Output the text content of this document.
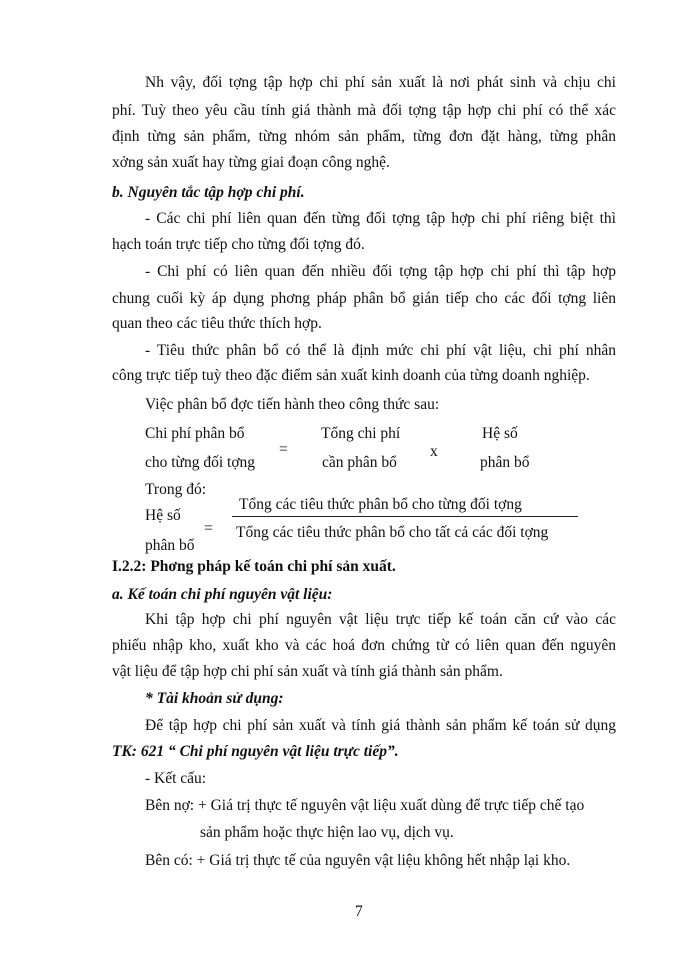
Nh vậy, đối tợng tập hợp chi phí sản xuất là nơi phát sinh và chịu chi
phí. Tuỳ theo yêu cầu tính giá thành mà đối tợng tập hợp chi phí có thể xác
định từng sản phẩm, từng nhóm sản phẩm, từng đơn đặt hàng, từng phân
xởng sản xuất hay từng giai đoạn công nghệ.
b. Nguyên tắc tập hợp chi phí.
- Các chi phí liên quan đến từng đối tợng tập hợp chi phí riêng biệt thì
hạch toán trực tiếp cho từng đối tợng đó.
- Chi phí có liên quan đến nhiều đối tợng tập hợp chi phí thì tập hợp
chung cuối kỳ áp dụng phơng pháp phân bổ gián tiếp cho các đối tợng liên
quan theo các tiêu thức thích hợp.
- Tiêu thức phân bổ có thể là định mức chi phí vật liệu, chi phí nhân
công trực tiếp tuỳ theo đặc điểm sản xuất kinh doanh của từng doanh nghiệp.
Việc phân bổ đợc tiến hành theo công thức sau:
Chi phí phân bổ
cho từng đối tợng
=
Tổng chi phí
cần phân bổ
x
Hệ số
phân bổ
Trong đó:
Hệ số
phân bổ
=
Tổng các tiêu thức phân bổ cho từng đối tợng
Tổng các tiêu thức phân bổ cho tất cả các đối tợng
I.2.2: Phơng pháp kế toán chi phí sản xuất.
a. Kế toán chi phí nguyên vật liệu:
Khi tập hợp chi phí nguyên vật liệu trực tiếp kế toán căn cứ vào các
phiếu nhập kho, xuất kho và các hoá đơn chứng từ có liên quan đến nguyên
vật liệu để tập hợp chi phí sản xuất và tính giá thành sản phẩm.
* Tài khoản sử dụng:
Để tập hợp chi phí sản xuất và tính giá thành sản phẩm kế toán sử dụng
TK: 621 “ Chi phí nguyên vật liệu trực tiếp”.
- Kết cấu:
Bên nợ: + Giá trị thực tế nguyên vật liệu xuất dùng để trực tiếp chế tạo
sản phẩm hoặc thực hiện lao vụ, dịch vụ.
Bên có: + Giá trị thực tế của nguyên vật liệu không hết nhập lại kho.
7
